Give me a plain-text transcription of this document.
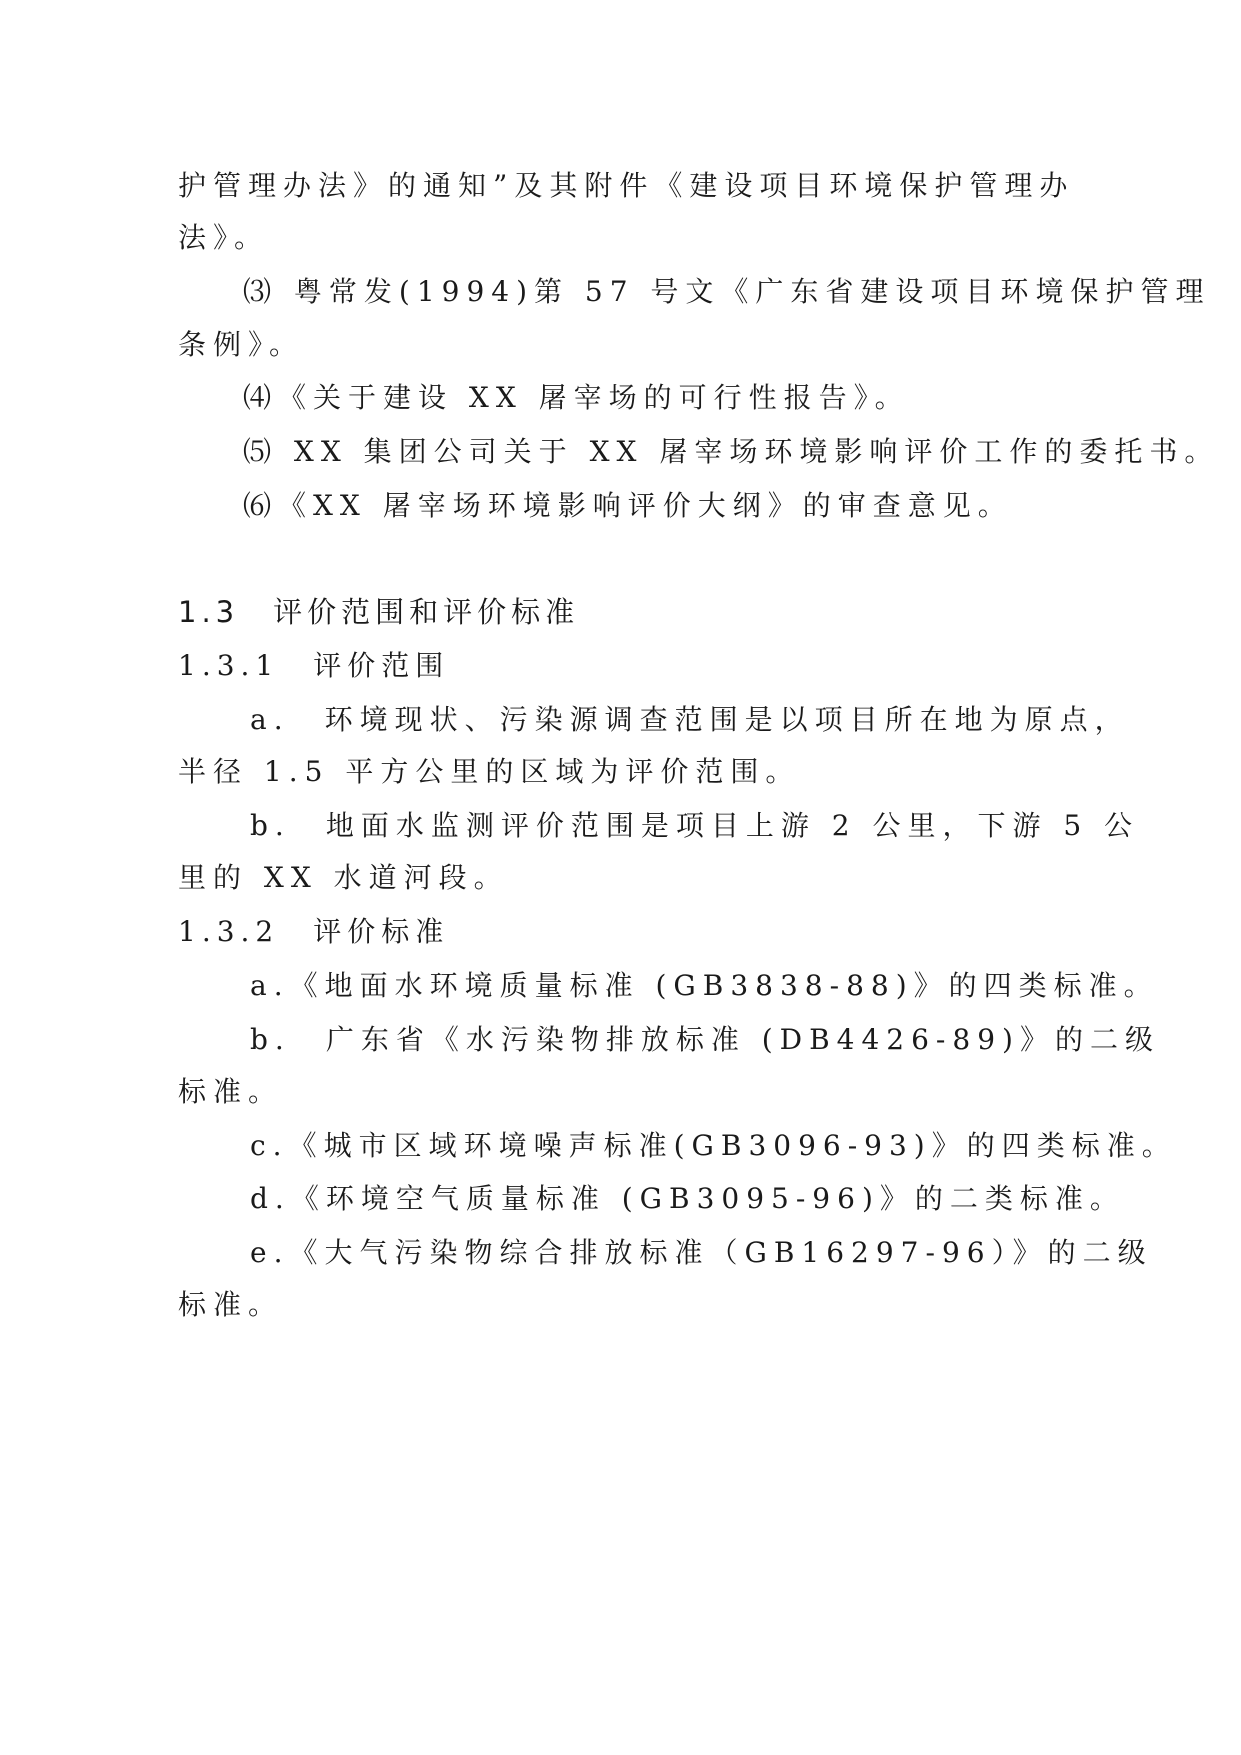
护管理办法》的通知”及其附件《建设项目环境保护管理办
法》。
⑶ 粤常发(1994)第 57 号文《广东省建设项目环境保护管理
条例》。
⑷《关于建设 XX 屠宰场的可行性报告》。
⑸ XX 集团公司关于 XX 屠宰场环境影响评价工作的委托书。
⑹《XX 屠宰场环境影响评价大纲》的审查意见。
1.3　评价范围和评价标准
1.3.1　评价范围
a.　环境现状、污染源调查范围是以项目所在地为原点，
半径 1.5 平方公里的区域为评价范围。
b.　地面水监测评价范围是项目上游 2 公里，下游 5 公
里的 XX 水道河段。
1.3.2　评价标准
a.《地面水环境质量标准 (GB3838-88)》的四类标准。
b.　广东省《水污染物排放标准 (DB4426-89)》的二级
标准。
c.《城市区域环境噪声标准(GB3096-93)》的四类标准。
d.《环境空气质量标准 (GB3095-96)》的二类标准。
e.《大气污染物综合排放标准（GB16297-96）》的二级
标准。
